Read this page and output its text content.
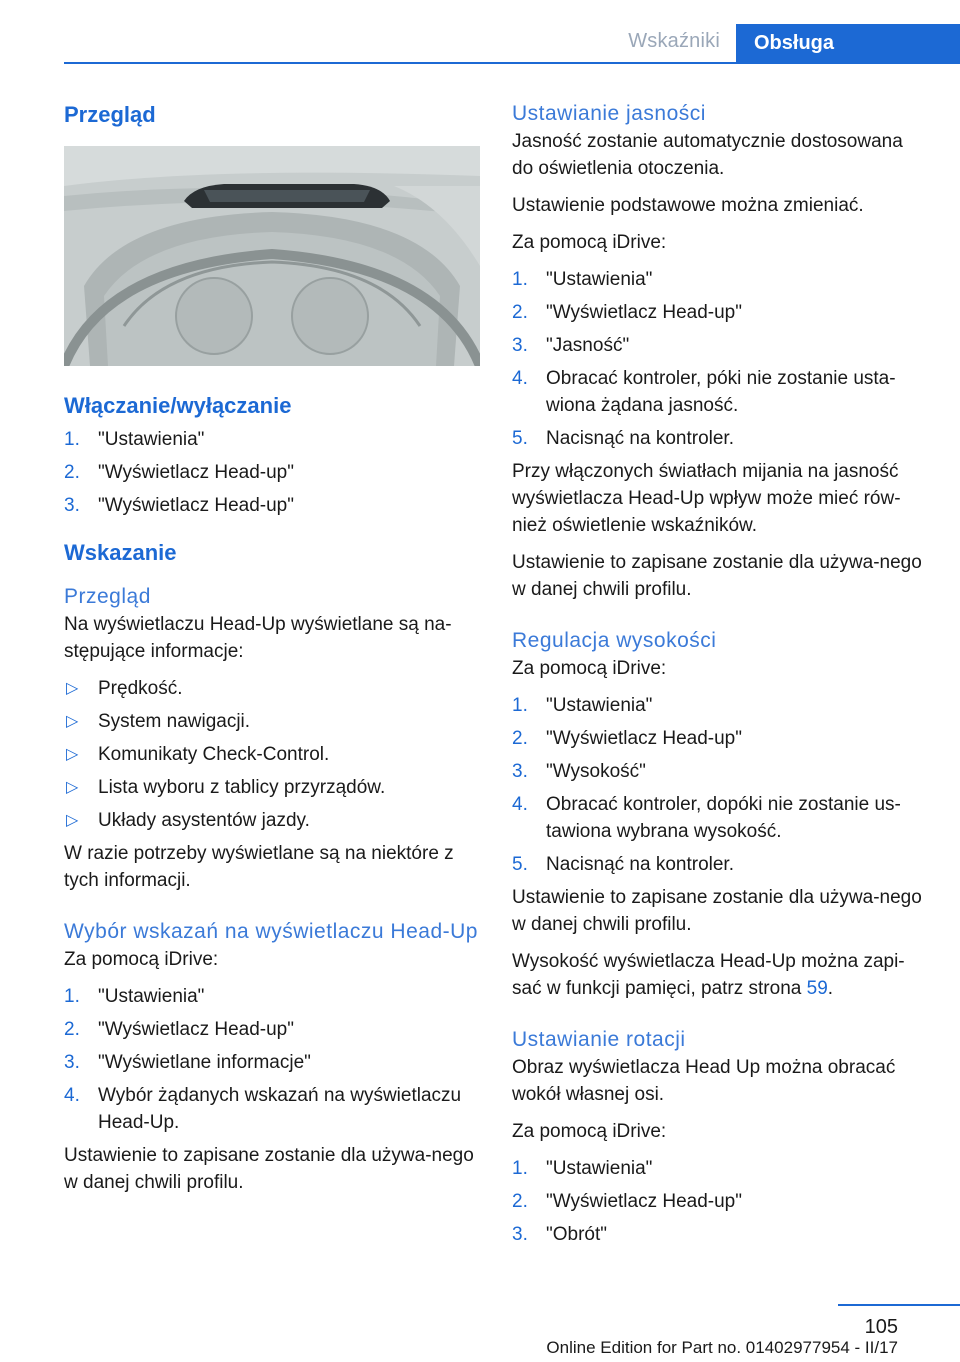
Wskaźniki	Obsługa
Przegląd
Włączanie/wyłączanie
1. "Ustawienia"
2. "Wyświetlacz Head-up"
3. "Wyświetlacz Head-up"
Wskazanie
Przegląd

Na wyświetlaczu Head-Up wyświetlane są na-stępujące informacje:

▷ Prędkość.
▷ System nawigacji.
▷ Komunikaty Check-Control.
▷ Lista wyboru z tablicy przyrządów.
▷ Układy asystentów jazdy.

W razie potrzeby wyświetlane są na niektóre z tych informacji.

Wybór wskazań na wyświetlaczu Head-Up

Za pomocą iDrive:

1. "Ustawienia"
2. "Wyświetlacz Head-up"
3. "Wyświetlane informacje"
4. Wybór żądanych wskazań na wyświetlaczu Head-Up.

Ustawienie to zapisane zostanie dla używa-nego w danej chwili profilu.

Ustawianie jasności

Jasność zostanie automatycznie dostosowana do oświetlenia otoczenia.

Ustawienie podstawowe można zmieniać.

Za pomocą iDrive:

1. "Ustawienia"
2. "Wyświetlacz Head-up"
3. "Jasność"
4. Obracać kontroler, póki nie zostanie usta-wiona żądana jasność.
5. Nacisnąć na kontroler.

Przy włączonych światłach mijania na jasność wyświetlacza Head-Up wpływ może mieć rów-nież oświetlenie wskaźników.

Ustawienie to zapisane zostanie dla używa-nego w danej chwili profilu.

Regulacja wysokości

Za pomocą iDrive:

1. "Ustawienia"
2. "Wyświetlacz Head-up"
3. "Wysokość"
4. Obracać kontroler, dopóki nie zostanie us-tawiona wybrana wysokość.
5. Nacisnąć na kontroler.

Ustawienie to zapisane zostanie dla używa-nego w danej chwili profilu.

Wysokość wyświetlacza Head-Up można zapi-sać w funkcji pamięci, patrz strona 59.

Ustawianie rotacji

Obraz wyświetlacza Head Up można obracać wokół własnej osi.

Za pomocą iDrive:

1. "Ustawienia"
2. "Wyświetlacz Head-up"
3. "Obrót"
105
Online Edition for Part no. 01402977954 - II/17
